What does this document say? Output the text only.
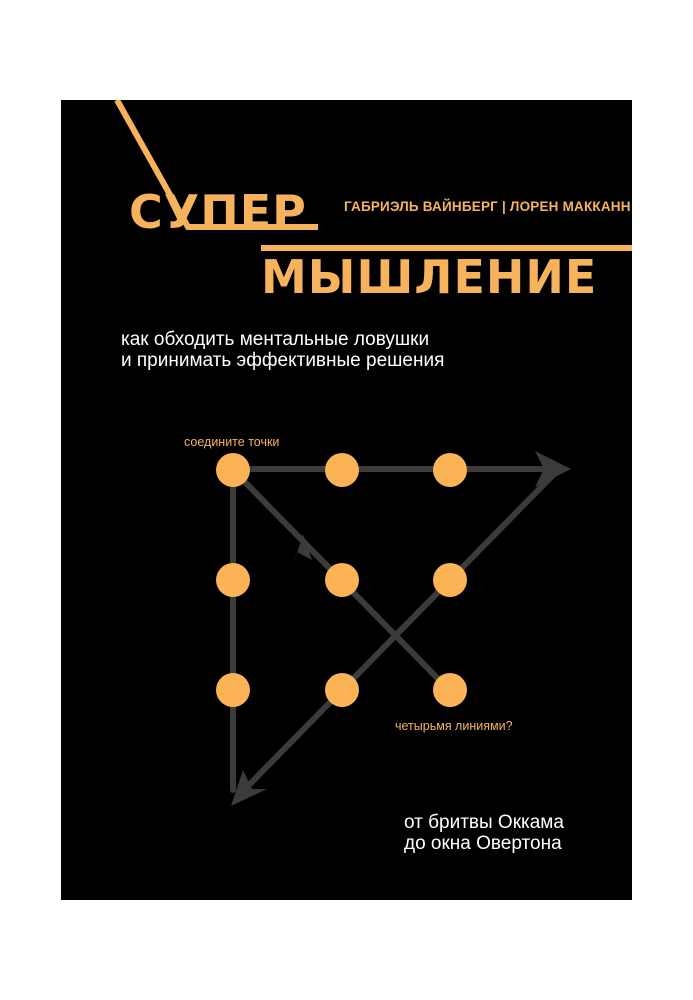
СУПЕР
МЫШЛЕНИЕ
ГАБРИЭЛЬ ВАЙНБЕРГ | ЛОРЕН МАККАНН
как обходить ментальные ловушки
и принимать эффективные решения
соедините точки
четырьмя линиями?
от бритвы Оккама
до окна Овертона
